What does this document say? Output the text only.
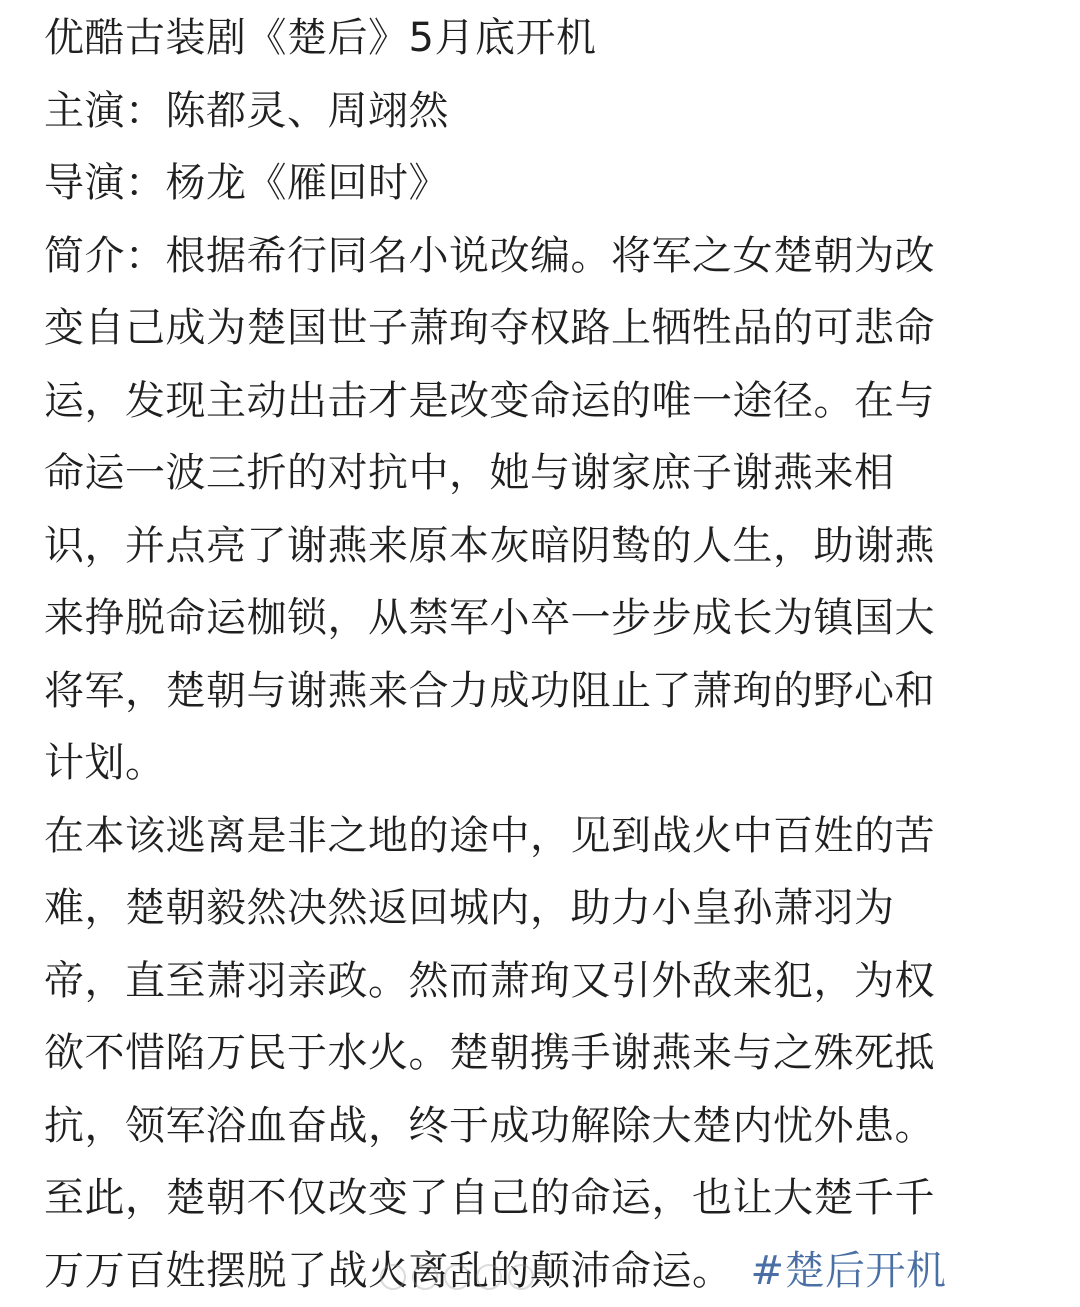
优酷古装剧《楚后》5月底开机
主演：陈都灵、周翊然
导演：杨龙《雁回时》
简介：根据希行同名小说改编。将军之女楚朝为改
变自己成为楚国世子萧珣夺权路上牺牲品的可悲命
运，发现主动出击才是改变命运的唯一途径。在与
命运一波三折的对抗中，她与谢家庶子谢燕来相
识，并点亮了谢燕来原本灰暗阴鸷的人生，助谢燕
来挣脱命运枷锁，从禁军小卒一步步成长为镇国大
将军，楚朝与谢燕来合力成功阻止了萧珣的野心和
计划。
在本该逃离是非之地的途中，见到战火中百姓的苦
难，楚朝毅然决然返回城内，助力小皇孙萧羽为
帝，直至萧羽亲政。然而萧珣又引外敌来犯，为权
欲不惜陷万民于水火。楚朝携手谢燕来与之殊死抵
抗，领军浴血奋战，终于成功解除大楚内忧外患。
至此，楚朝不仅改变了自己的命运，也让大楚千千
万万百姓摆脱了战火离乱的颠沛命运。 #楚后开机
